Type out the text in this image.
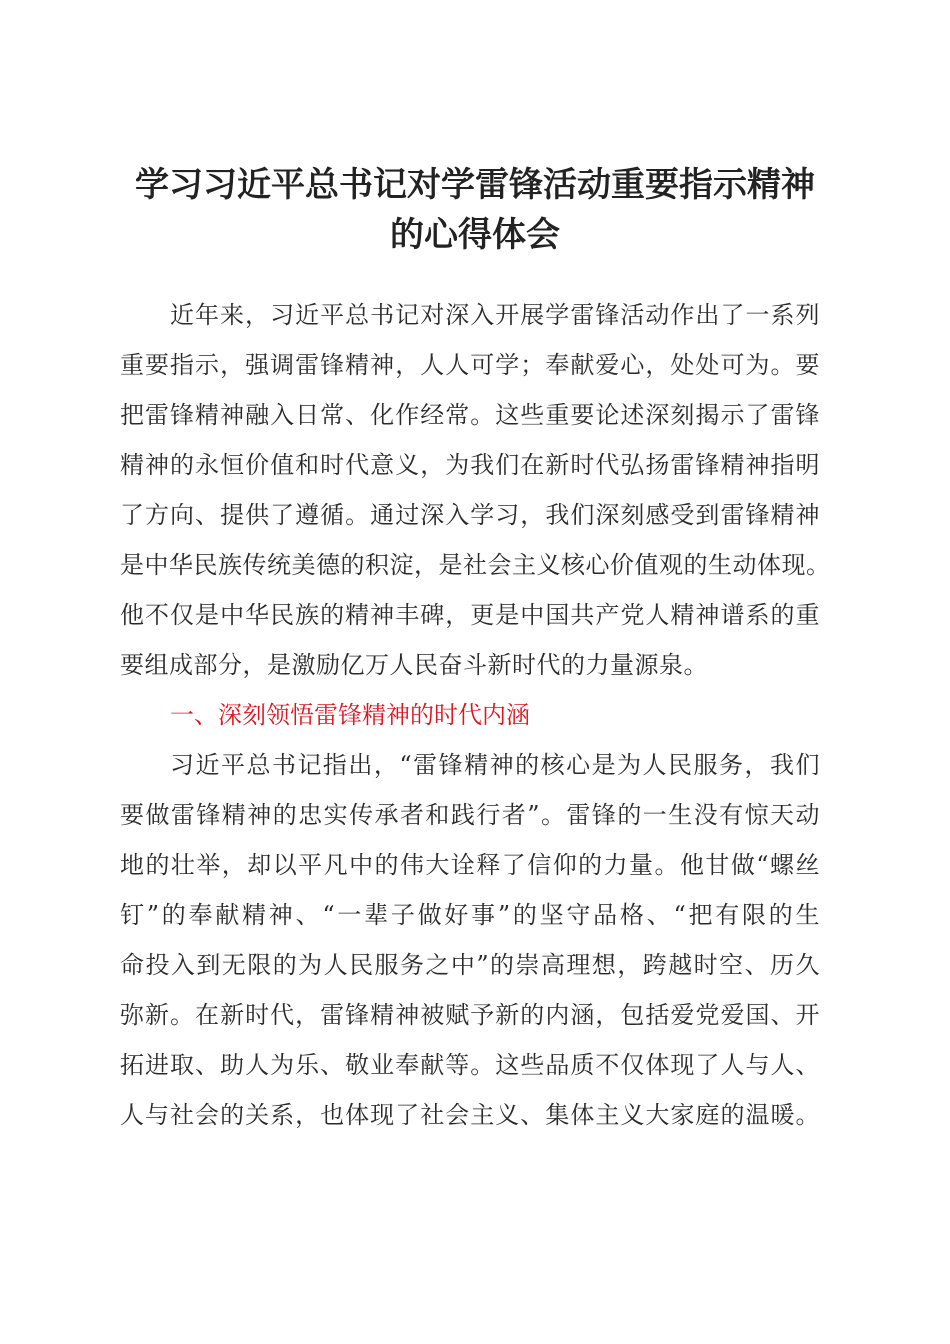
学习习近平总书记对学雷锋活动重要指示精神
的心得体会
近年来，习近平总书记对深入开展学雷锋活动作出了一系列
重要指示，强调雷锋精神，人人可学；奉献爱心，处处可为。要
把雷锋精神融入日常、化作经常。这些重要论述深刻揭示了雷锋
精神的永恒价值和时代意义，为我们在新时代弘扬雷锋精神指明
了方向、提供了遵循。通过深入学习，我们深刻感受到雷锋精神
是中华民族传统美德的积淀，是社会主义核心价值观的生动体现。
他不仅是中华民族的精神丰碑，更是中国共产党人精神谱系的重
要组成部分，是激励亿万人民奋斗新时代的力量源泉。
一、深刻领悟雷锋精神的时代内涵
习近平总书记指出，“雷锋精神的核心是为人民服务，我们
要做雷锋精神的忠实传承者和践行者”。雷锋的一生没有惊天动
地的壮举，却以平凡中的伟大诠释了信仰的力量。他甘做“螺丝
钉”的奉献精神、“一辈子做好事”的坚守品格、“把有限的生
命投入到无限的为人民服务之中”的崇高理想，跨越时空、历久
弥新。在新时代，雷锋精神被赋予新的内涵，包括爱党爱国、开
拓进取、助人为乐、敬业奉献等。这些品质不仅体现了人与人、
人与社会的关系，也体现了社会主义、集体主义大家庭的温暖。
